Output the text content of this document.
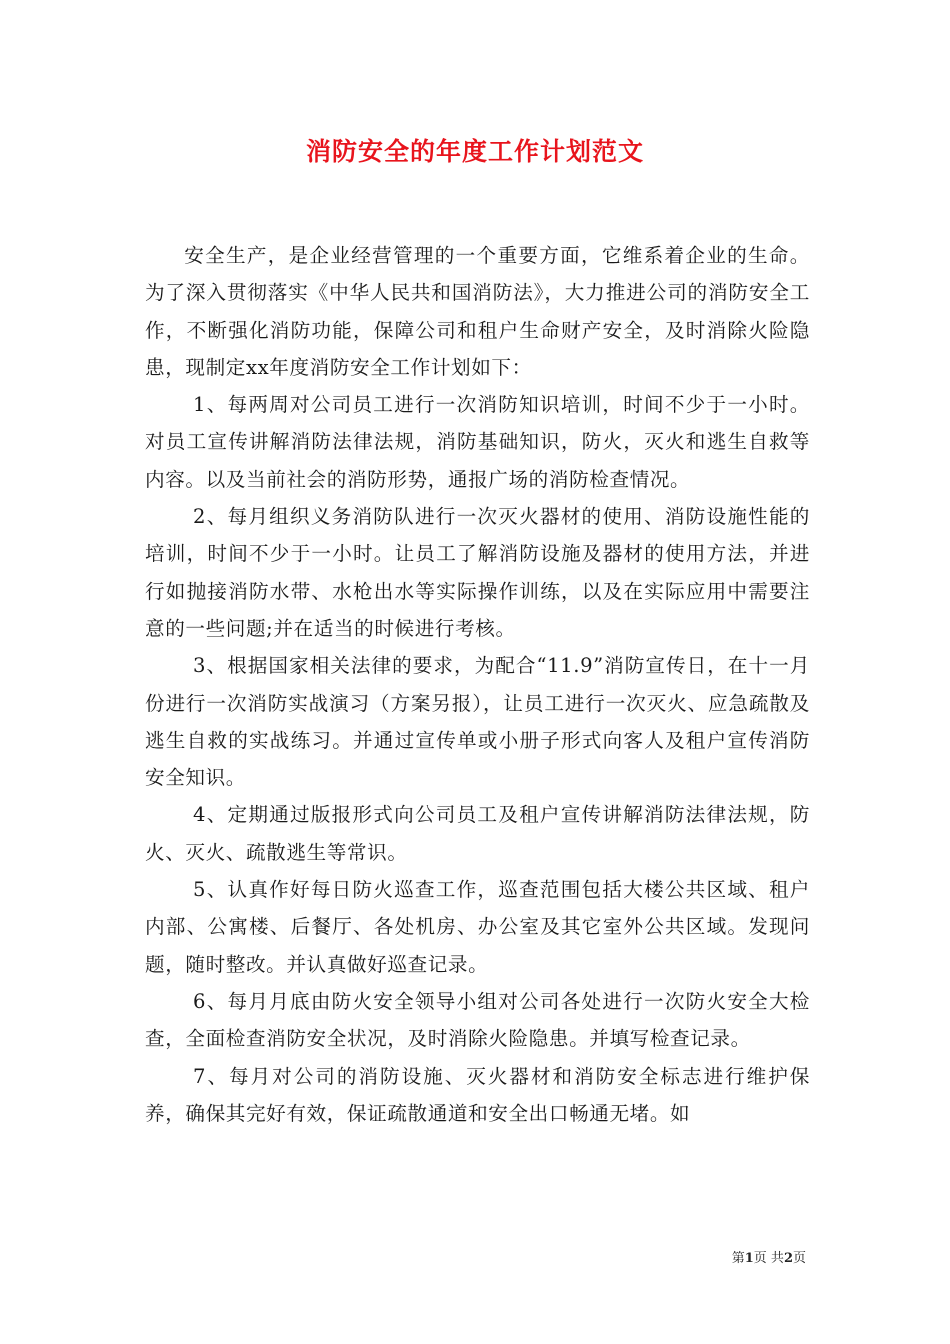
消防安全的年度工作计划范文

安全生产，是企业经营管理的一个重要方面，它维系着企业的生命。为了深入贯彻落实《中华人民共和国消防法》，大力推进公司的消防安全工作，不断强化消防功能，保障公司和租户生命财产安全，及时消除火险隐患，现制定xx年度消防安全工作计划如下：

1、每两周对公司员工进行一次消防知识培训，时间不少于一小时。对员工宣传讲解消防法律法规，消防基础知识，防火，灭火和逃生自救等内容。以及当前社会的消防形势，通报广场的消防检查情况。

2、每月组织义务消防队进行一次灭火器材的使用、消防设施性能的培训，时间不少于一小时。让员工了解消防设施及器材的使用方法，并进行如抛接消防水带、水枪出水等实际操作训练，以及在实际应用中需要注意的一些问题;并在适当的时候进行考核。

3、根据国家相关法律的要求，为配合“11.9”消防宣传日，在十一月份进行一次消防实战演习（方案另报），让员工进行一次灭火、应急疏散及逃生自救的实战练习。并通过宣传单或小册子形式向客人及租户宣传消防安全知识。

4、定期通过版报形式向公司员工及租户宣传讲解消防法律法规，防火、灭火、疏散逃生等常识。

5、认真作好每日防火巡查工作，巡查范围包括大楼公共区域、租户内部、公寓楼、后餐厅、各处机房、办公室及其它室外公共区域。发现问题，随时整改。并认真做好巡查记录。

6、每月月底由防火安全领导小组对公司各处进行一次防火安全大检查，全面检查消防安全状况，及时消除火险隐患。并填写检查记录。

7、每月对公司的消防设施、灭火器材和消防安全标志进行维护保养，确保其完好有效，保证疏散通道和安全出口畅通无堵。如

第1页 共2页
